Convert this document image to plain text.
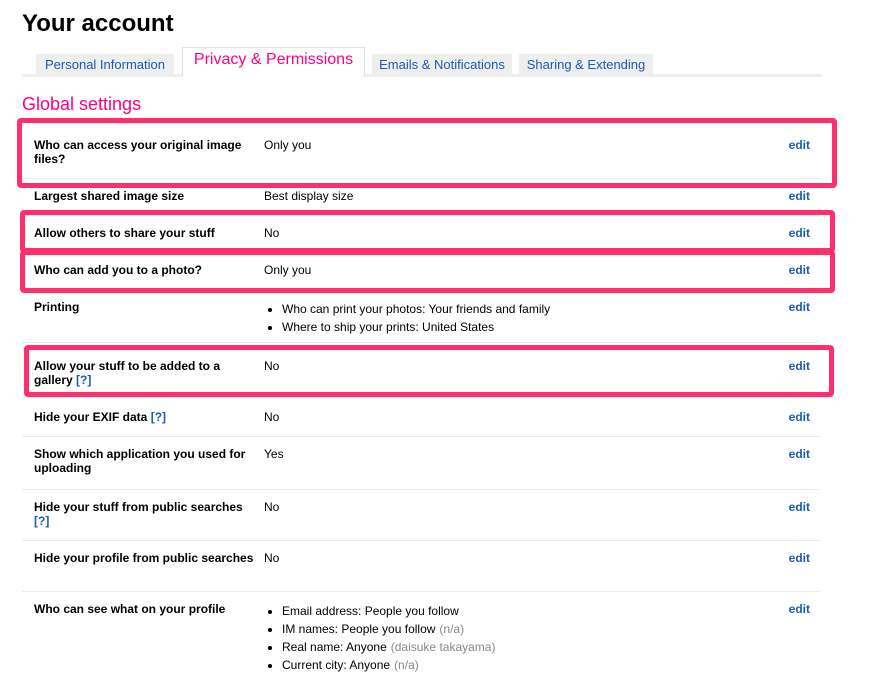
Your account
Personal Information	Privacy & Permissions	Emails & Notifications	Sharing & Extending
Global settings
Who can access your original image files?
Only you	edit
Largest shared image size	Best display size	edit
Allow others to share your stuff	No	edit
Who can add you to a photo?	Only you	edit
Printing	• Who can print your photos: Your friends and family
• Where to ship your prints: United States
edit
Allow your stuff to be added to a gallery [?]
No	edit
Hide your EXIF data [?]	No	edit
Show which application you used for uploading
Yes	edit
Hide your stuff from public searches [?]
No	edit
Hide your profile from public searches No	edit
Who can see what on your profile	• Email address: People you follow
• IM names: People you follow (n/a)
• Real name: Anyone (daisuke takayama)
• Current city: Anyone (n/a)
edit
